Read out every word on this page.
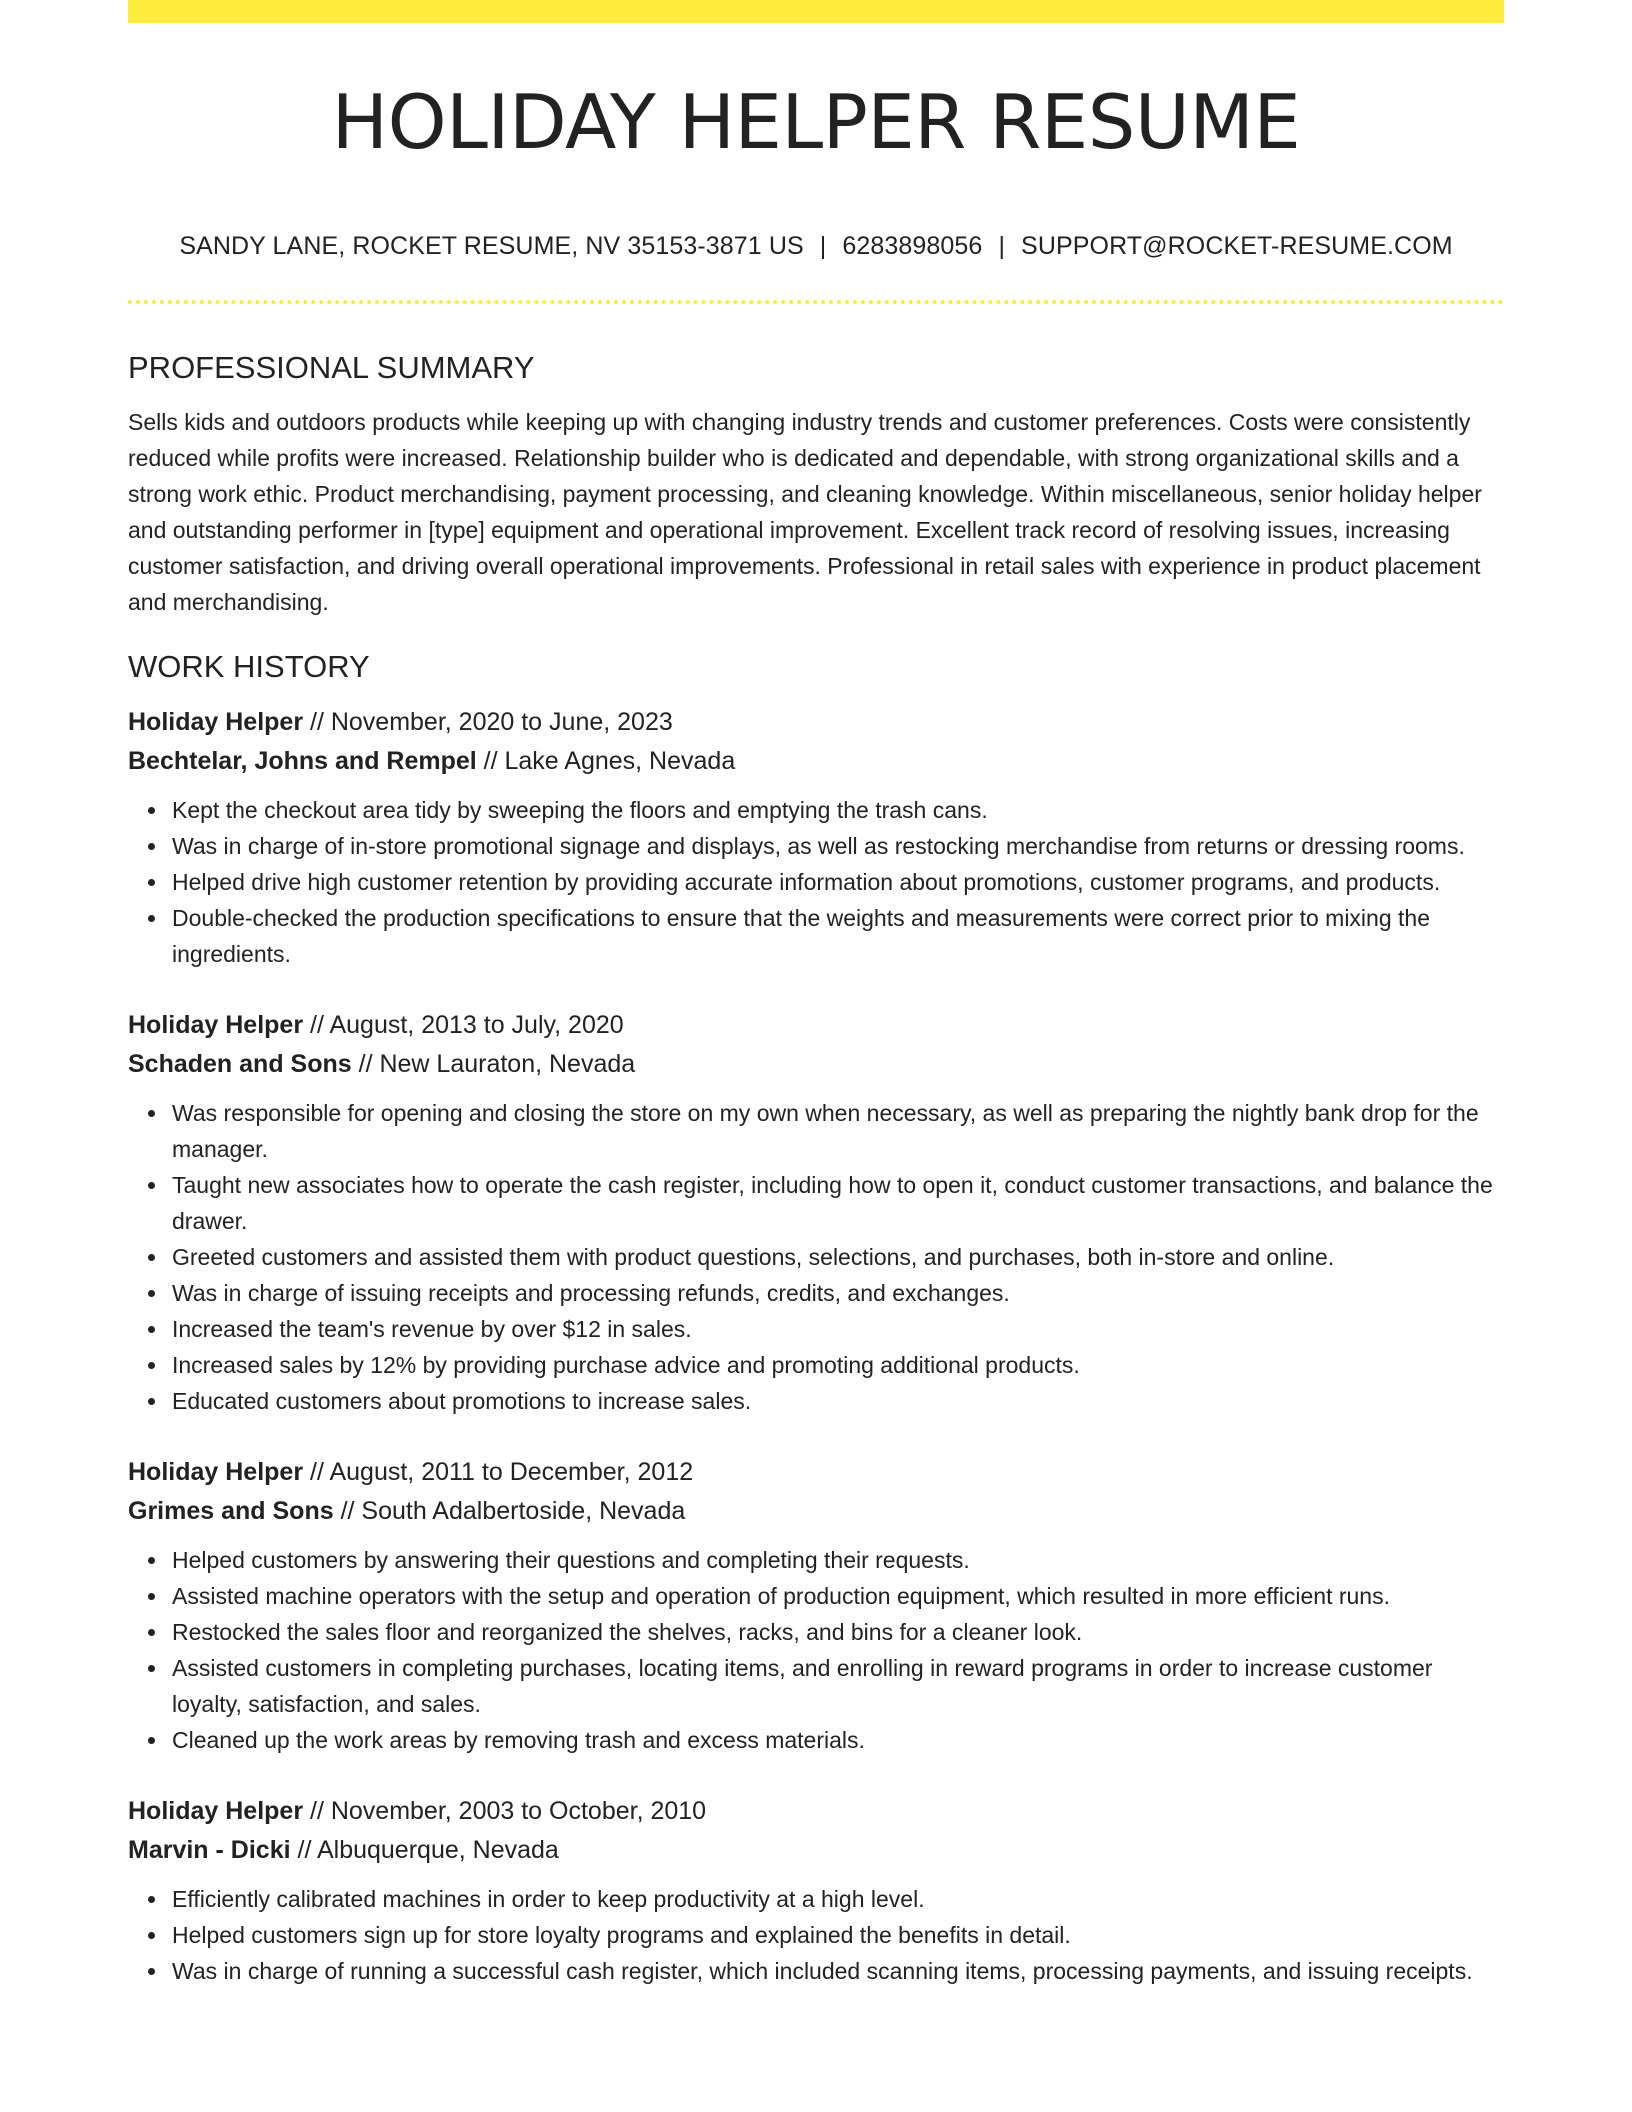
HOLIDAY HELPER RESUME
SANDY LANE, ROCKET RESUME, NV 35153-3871 US | 6283898056 | SUPPORT@ROCKET-RESUME.COM
PROFESSIONAL SUMMARY

Sells kids and outdoors products while keeping up with changing industry trends and customer preferences. Costs were consistently reduced while profits were increased. Relationship builder who is dedicated and dependable, with strong organizational skills and a strong work ethic. Product merchandising, payment processing, and cleaning knowledge. Within miscellaneous, senior holiday helper and outstanding performer in [type] equipment and operational improvement. Excellent track record of resolving issues, increasing customer satisfaction, and driving overall operational improvements. Professional in retail sales with experience in product placement and merchandising.

WORK HISTORY
Holiday Helper // November, 2020 to June, 2023
Bechtelar, Johns and Rempel // Lake Agnes, Nevada
Kept the checkout area tidy by sweeping the floors and emptying the trash cans.
Was in charge of in-store promotional signage and displays, as well as restocking merchandise from returns or dressing rooms.
Helped drive high customer retention by providing accurate information about promotions, customer programs, and products.
Double-checked the production specifications to ensure that the weights and measurements were correct prior to mixing the ingredients.
Holiday Helper // August, 2013 to July, 2020
Schaden and Sons // New Lauraton, Nevada
Was responsible for opening and closing the store on my own when necessary, as well as preparing the nightly bank drop for the manager.
Taught new associates how to operate the cash register, including how to open it, conduct customer transactions, and balance the drawer.
Greeted customers and assisted them with product questions, selections, and purchases, both in-store and online.
Was in charge of issuing receipts and processing refunds, credits, and exchanges.
Increased the team's revenue by over $12 in sales.
Increased sales by 12% by providing purchase advice and promoting additional products.
Educated customers about promotions to increase sales.
Holiday Helper // August, 2011 to December, 2012
Grimes and Sons // South Adalbertoside, Nevada
Helped customers by answering their questions and completing their requests.
Assisted machine operators with the setup and operation of production equipment, which resulted in more efficient runs.
Restocked the sales floor and reorganized the shelves, racks, and bins for a cleaner look.
Assisted customers in completing purchases, locating items, and enrolling in reward programs in order to increase customer loyalty, satisfaction, and sales.
Cleaned up the work areas by removing trash and excess materials.
Holiday Helper // November, 2003 to October, 2010
Marvin - Dicki // Albuquerque, Nevada
Efficiently calibrated machines in order to keep productivity at a high level.
Helped customers sign up for store loyalty programs and explained the benefits in detail.
Was in charge of running a successful cash register, which included scanning items, processing payments, and issuing receipts.
